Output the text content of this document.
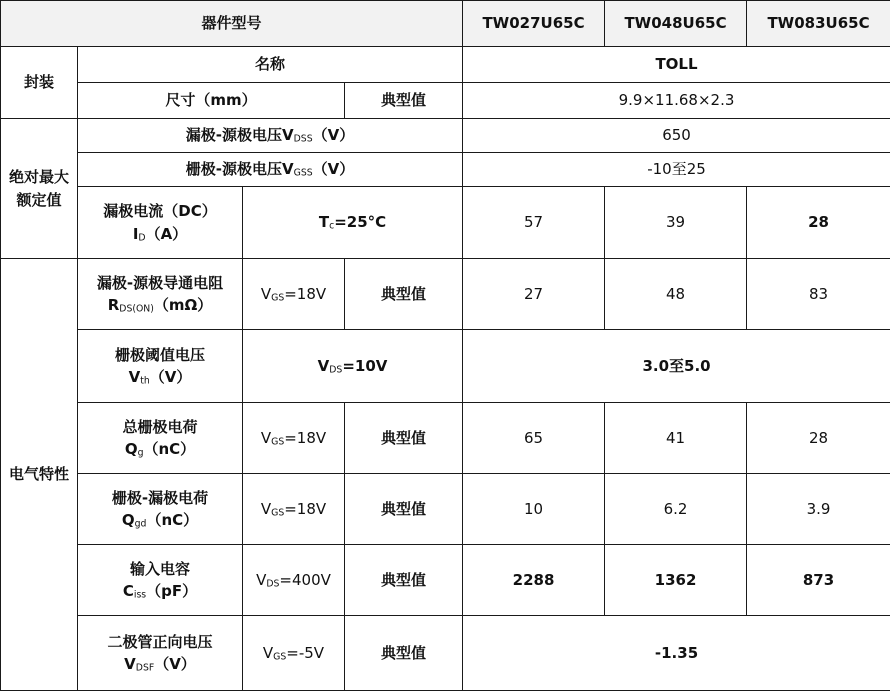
器件型号				TW027U65C	TW048U65C	TW083U65C
封装	名称			TOLL		
	尺寸（mm）		典型值	9.9×11.68×2.3		
绝对最大额定值	漏极-源极电压VDSS（V）			650		
	栅极-源极电压VGSS（V）			-10至25		

	漏极电流（DC）
ID（A）	Tc=25°C		57	39	28
电气特性	漏极-源极导通电阻
RDS(ON)（mΩ）	VGS=18V	典型值	27	48	83

	栅极阈值电压
Vth（V）	VDS=10V		3.0至5.0		

	总栅极电荷
Qg（nC）	VGS=18V	典型值	65	41	28

	栅极-漏极电荷
Qgd（nC）	VGS=18V	典型值	10	6.2	3.9

	输入电容
Ciss（pF）	VDS=400V	典型值	2288	1362	873

	二极管正向电压
VDSF（V）	VGS=-5V	典型值	-1.35		
